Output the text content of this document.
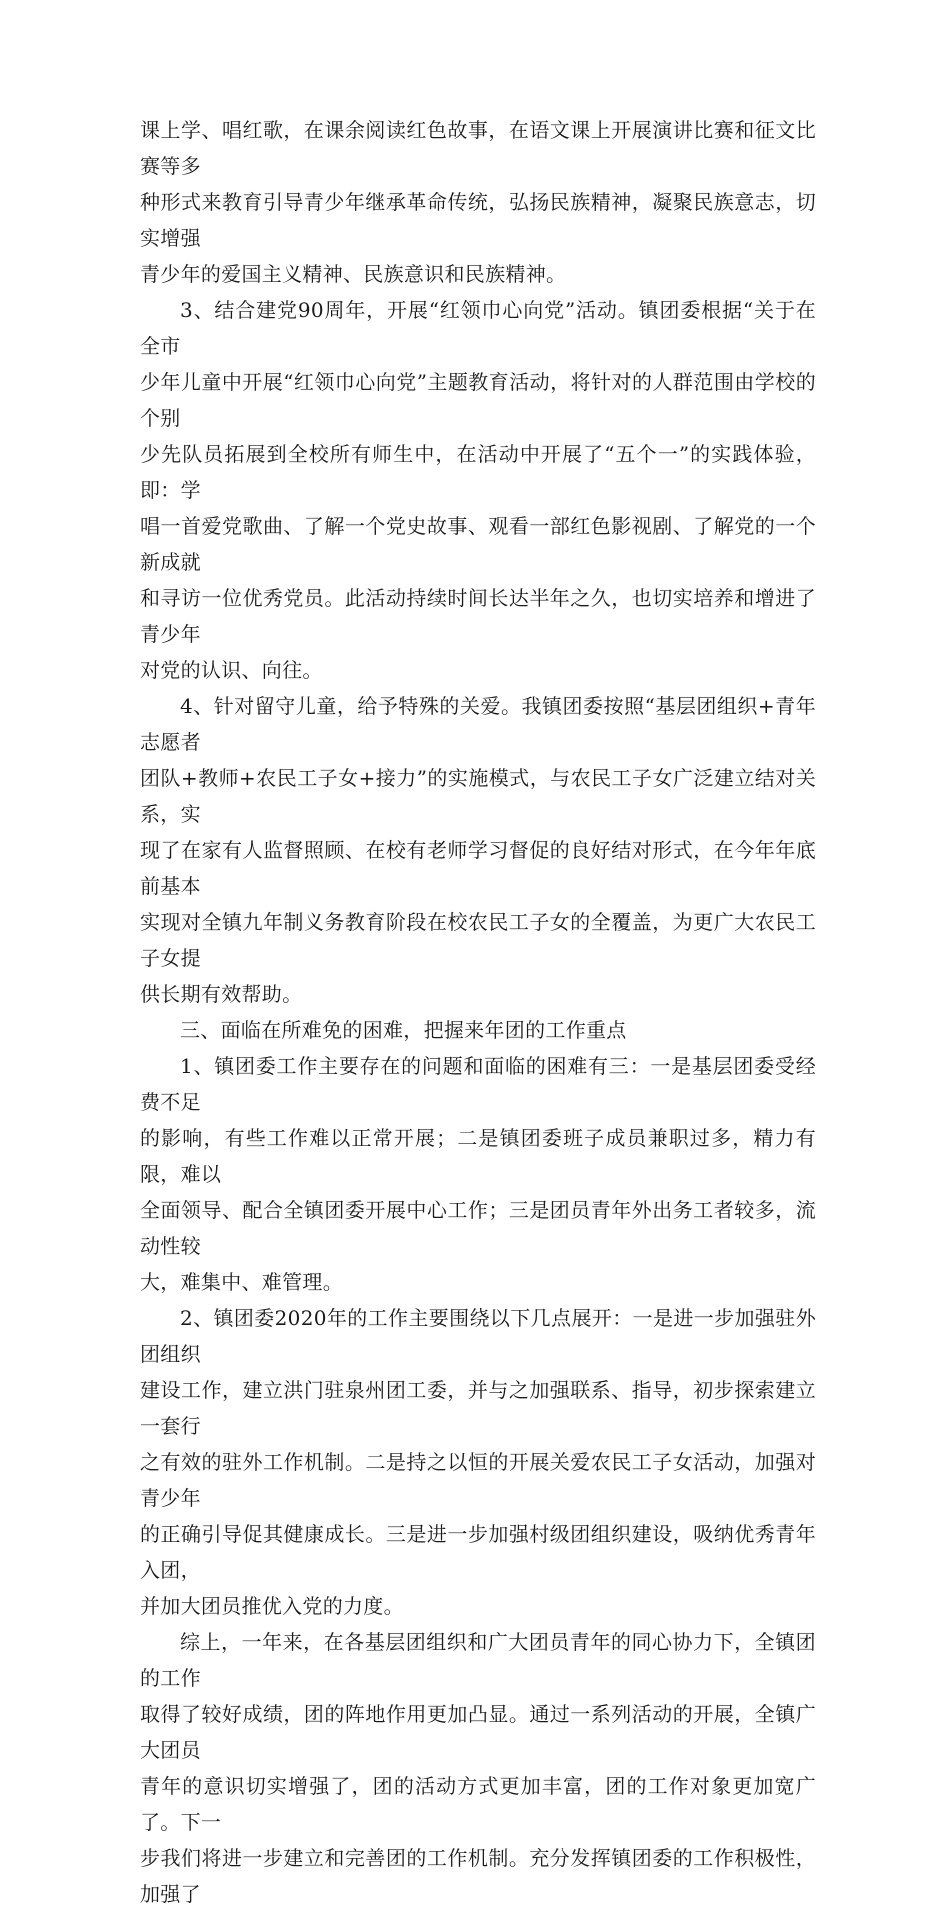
课上学、唱红歌，在课余阅读红色故事，在语文课上开展演讲比赛和征文比赛等多
种形式来教育引导青少年继承革命传统，弘扬民族精神，凝聚民族意志，切实增强
青少年的爱国主义精神、民族意识和民族精神。

3、结合建党90周年，开展“红领巾心向党”活动。镇团委根据“关于在全市
少年儿童中开展“红领巾心向党”主题教育活动，将针对的人群范围由学校的个别
少先队员拓展到全校所有师生中，在活动中开展了“五个一”的实践体验，即：学
唱一首爱党歌曲、了解一个党史故事、观看一部红色影视剧、了解党的一个新成就
和寻访一位优秀党员。此活动持续时间长达半年之久，也切实培养和增进了青少年
对党的认识、向往。

4、针对留守儿童，给予特殊的关爱。我镇团委按照“基层团组织+青年志愿者
团队+教师+农民工子女+接力”的实施模式，与农民工子女广泛建立结对关系，实
现了在家有人监督照顾、在校有老师学习督促的良好结对形式，在今年年底前基本
实现对全镇九年制义务教育阶段在校农民工子女的全覆盖，为更广大农民工子女提
供长期有效帮助。

三、面临在所难免的困难，把握来年团的工作重点

1、镇团委工作主要存在的问题和面临的困难有三：一是基层团委受经费不足
的影响，有些工作难以正常开展；二是镇团委班子成员兼职过多，精力有限，难以
全面领导、配合全镇团委开展中心工作；三是团员青年外出务工者较多，流动性较
大，难集中、难管理。

2、镇团委2020年的工作主要围绕以下几点展开：一是进一步加强驻外团组织
建设工作，建立洪门驻泉州团工委，并与之加强联系、指导，初步探索建立一套行
之有效的驻外工作机制。二是持之以恒的开展关爱农民工子女活动，加强对青少年
的正确引导促其健康成长。三是进一步加强村级团组织建设，吸纳优秀青年入团，
并加大团员推优入党的力度。

综上，一年来，在各基层团组织和广大团员青年的同心协力下，全镇团的工作
取得了较好成绩，团的阵地作用更加凸显。通过一系列活动的开展，全镇广大团员
青年的意识切实增强了，团的活动方式更加丰富，团的工作对象更加宽广了。下一
步我们将进一步建立和完善团的工作机制。充分发挥镇团委的工作积极性，加强了
